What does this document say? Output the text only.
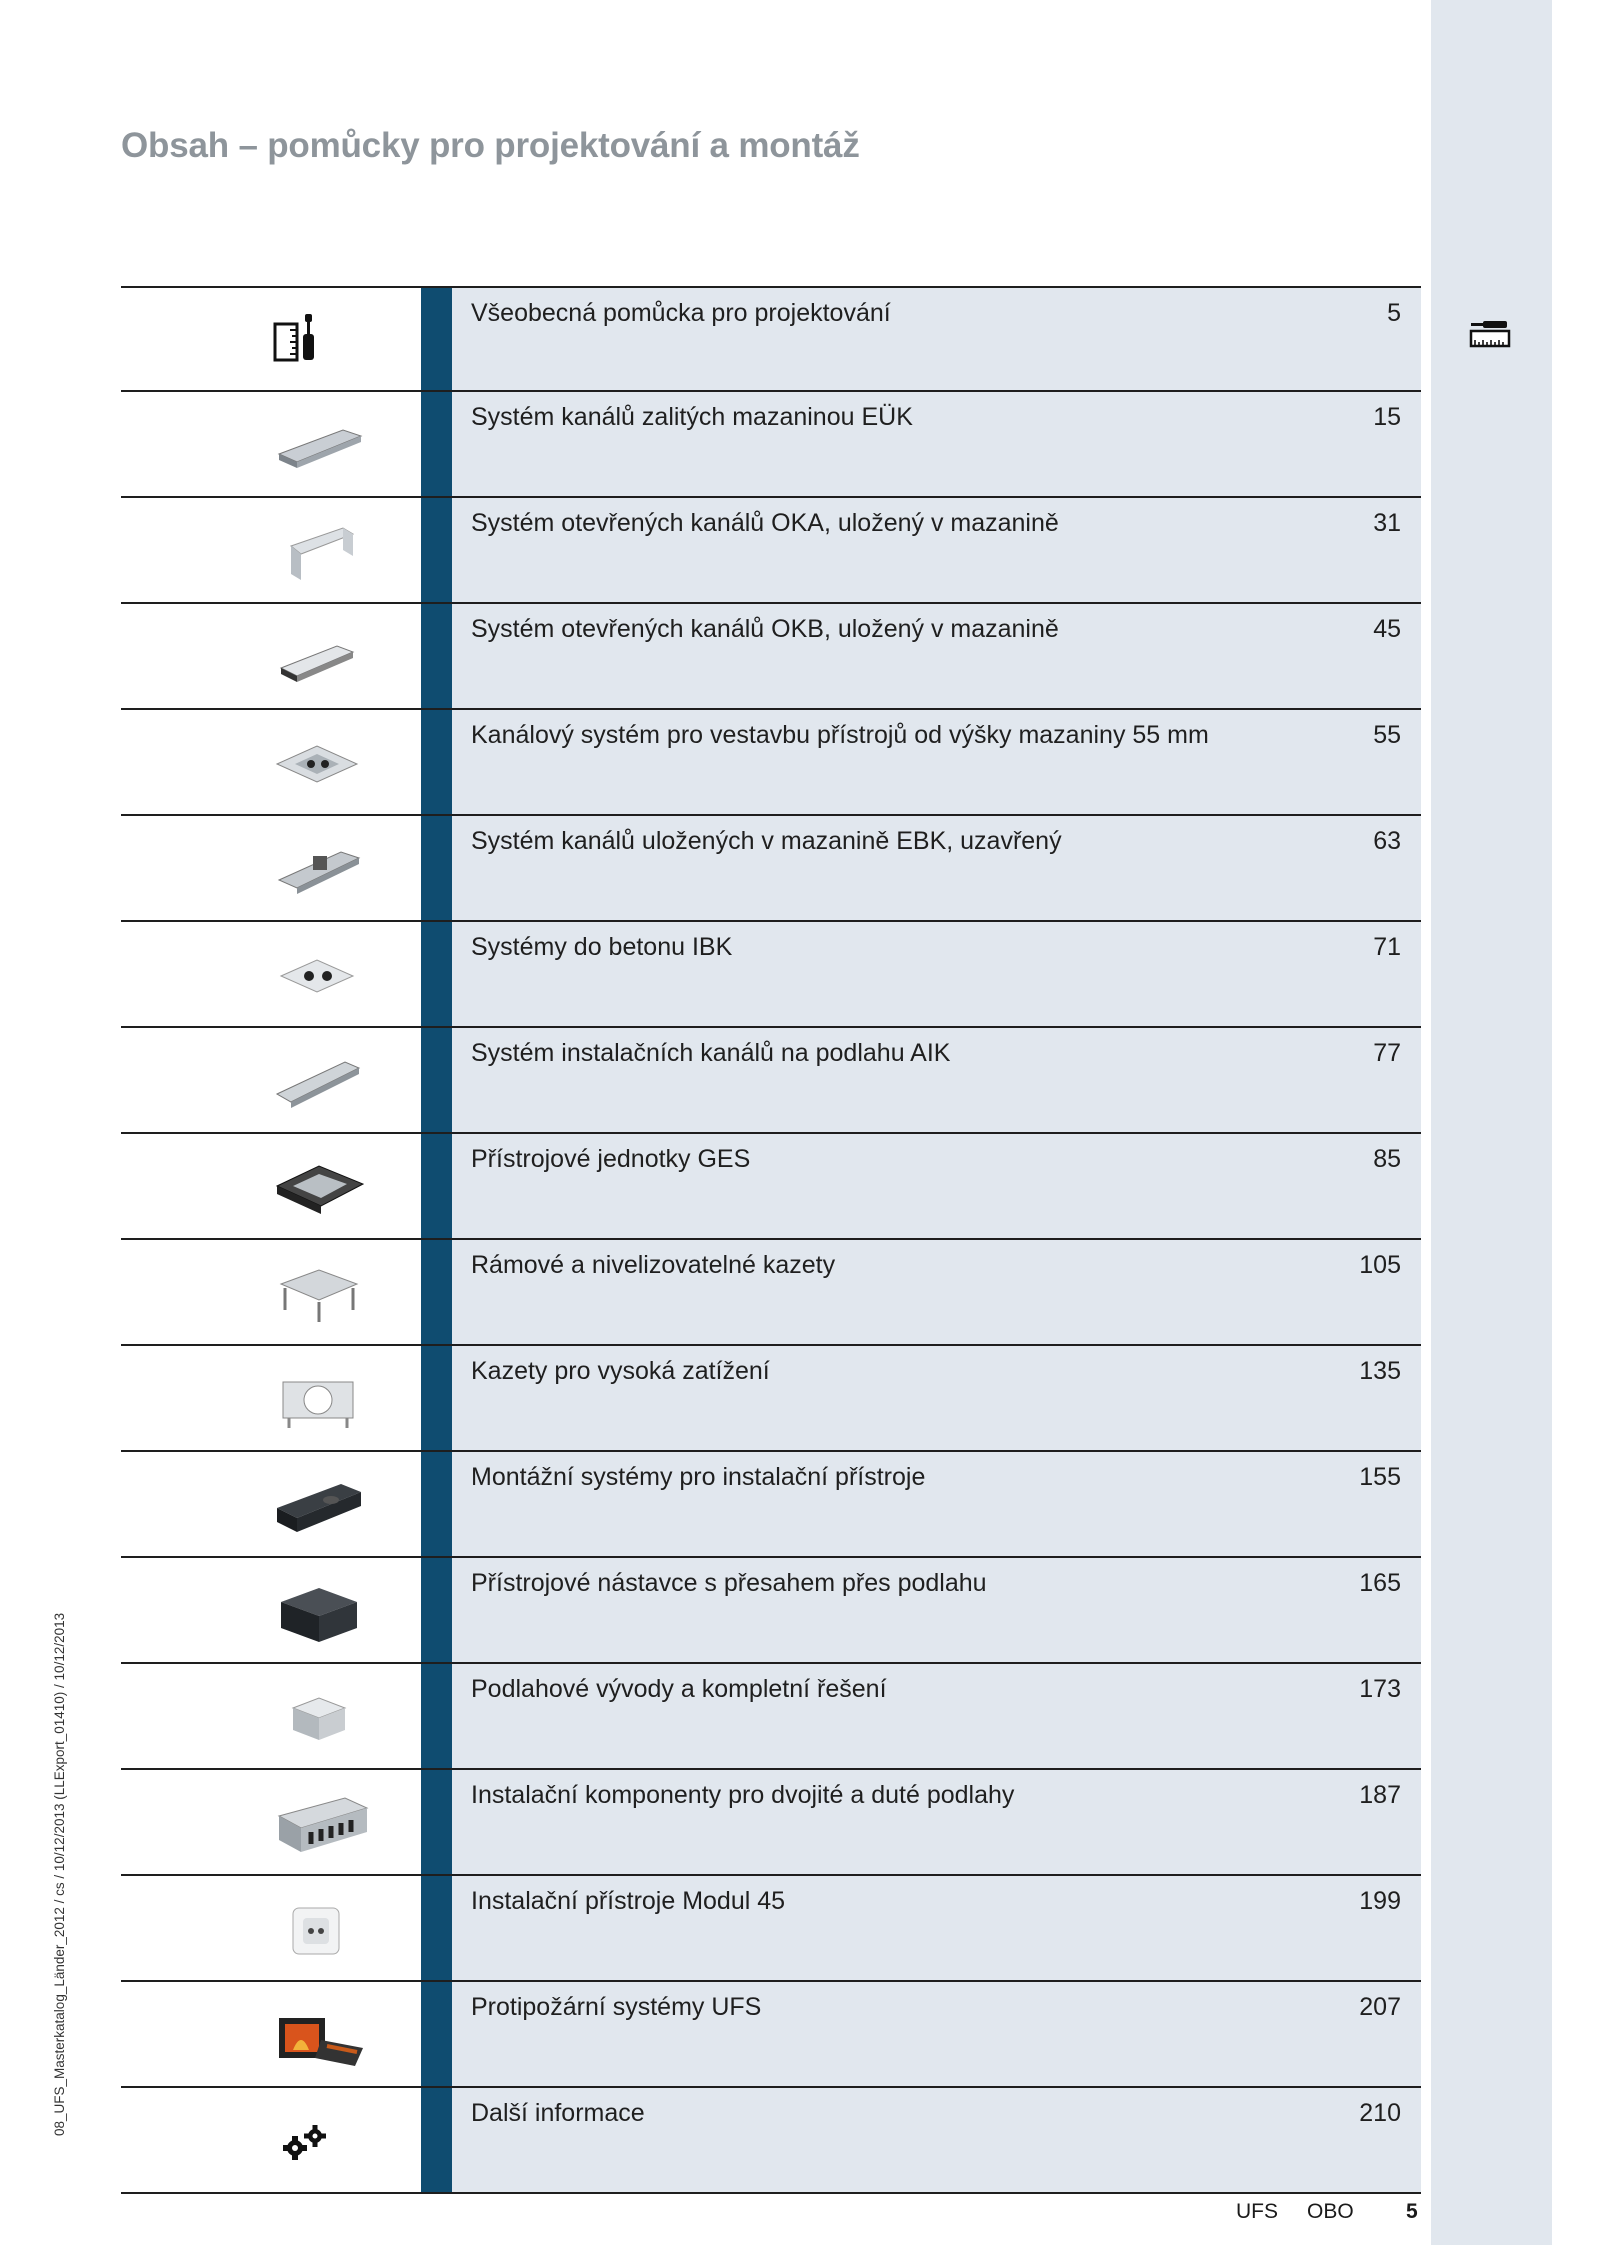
Obsah – pomůcky pro projektování a montáž
08_UFS_Masterkatalog_Länder_2012 / cs / 10/12/2013 (LLExport_01410) / 10/12/2013
Všeobecná pomůcka pro projektování	5
Systém kanálů zalitých mazaninou EÜK	15
Systém otevřených kanálů OKA, uložený v mazanině	31
Systém otevřených kanálů OKB, uložený v mazanině	45
Kanálový systém pro vestavbu přístrojů od výšky mazaniny 55 mm	55
Systém kanálů uložených v mazanině EBK, uzavřený	63
Systémy do betonu IBK	71
Systém instalačních kanálů na podlahu AIK	77
Přístrojové jednotky GES	85
Rámové a nivelizovatelné kazety	105
Kazety pro vysoká zatížení	135
Montážní systémy pro instalační přístroje	155
Přístrojové nástavce s přesahem přes podlahu	165
Podlahové vývody a kompletní řešení	173
Instalační komponenty pro dvojité a duté podlahy	187
Instalační přístroje Modul 45	199
Protipožární systémy UFS	207
Další informace	210
UFS OBO 5
